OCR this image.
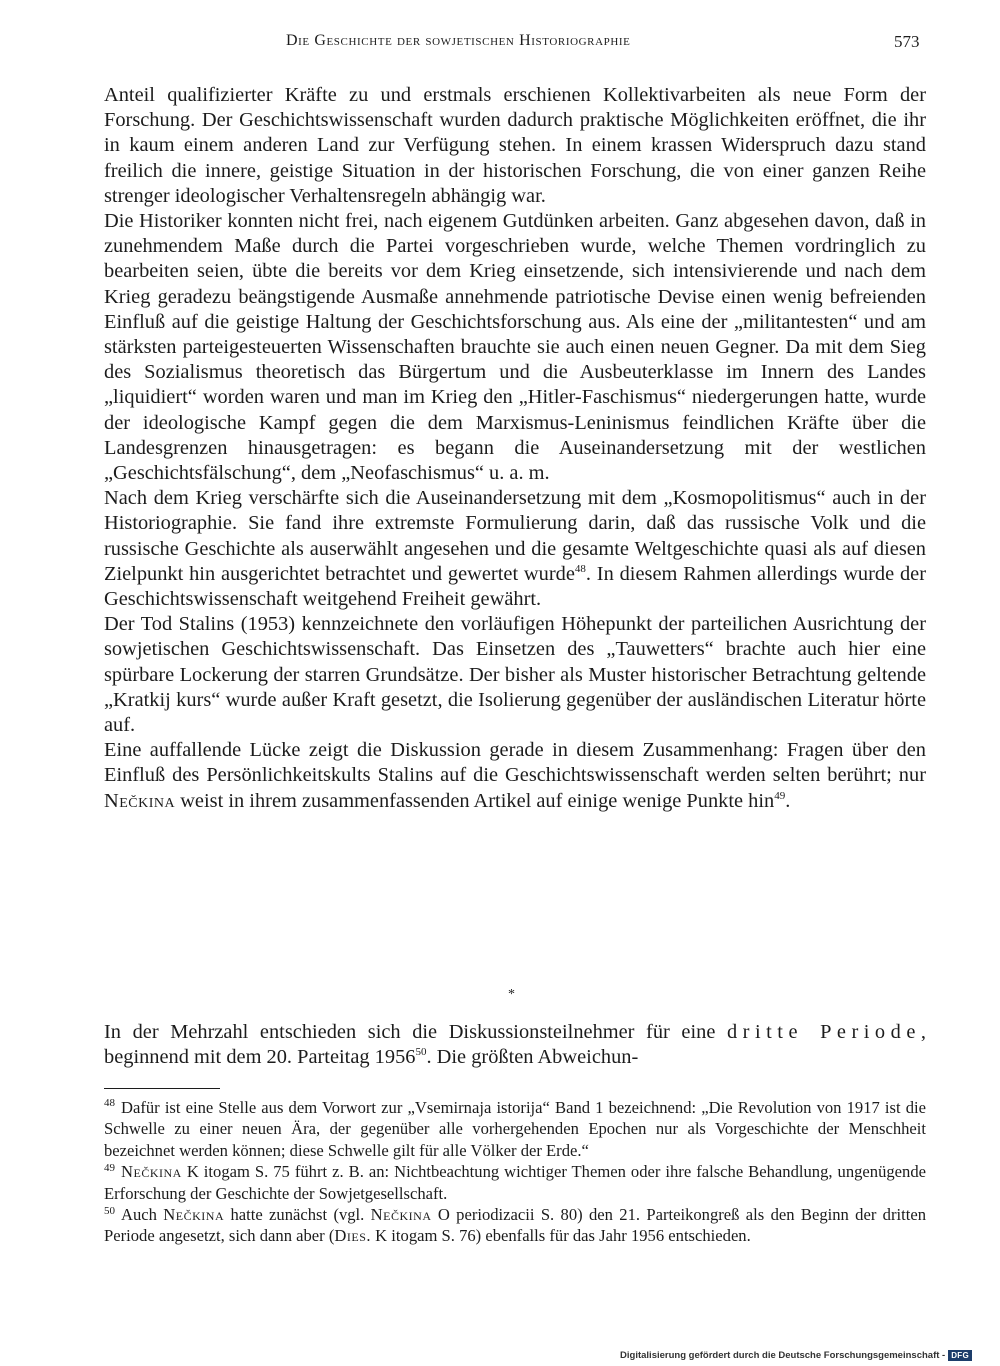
Die Geschichte der sowjetischen Historiographie	573

Anteil qualifizierter Kräfte zu und erstmals erschienen Kollektivarbeiten als neue Form der Forschung. Der Geschichtswissenschaft wurden dadurch praktische Möglichkeiten eröffnet, die ihr in kaum einem anderen Land zur Verfügung stehen. In einem krassen Widerspruch dazu stand freilich die innere, geistige Situation in der historischen Forschung, die von einer ganzen Reihe strenger ideologischer Verhaltensregeln abhängig war.

Die Historiker konnten nicht frei, nach eigenem Gutdünken arbeiten. Ganz abgesehen davon, daß in zunehmendem Maße durch die Partei vorgeschrieben wurde, welche Themen vordringlich zu bearbeiten seien, übte die bereits vor dem Krieg einsetzende, sich intensivierende und nach dem Krieg geradezu beängstigende Ausmaße annehmende patriotische Devise einen wenig befreienden Einfluß auf die geistige Haltung der Geschichtsforschung aus. Als eine der „militantesten“ und am stärksten parteigesteuerten Wissenschaften brauchte sie auch einen neuen Gegner. Da mit dem Sieg des Sozialismus theoretisch das Bürgertum und die Ausbeuterklasse im Innern des Landes „liquidiert“ worden waren und man im Krieg den „Hitler-Faschismus“ niedergerungen hatte, wurde der ideologische Kampf gegen die dem Marxismus-Leninismus feindlichen Kräfte über die Landesgrenzen hinausgetragen: es begann die Auseinandersetzung mit der westlichen „Geschichtsfälschung“, dem „Neofaschismus“ u. a. m.

Nach dem Krieg verschärfte sich die Auseinandersetzung mit dem „Kosmopolitismus“ auch in der Historiographie. Sie fand ihre extremste Formulierung darin, daß das russische Volk und die russische Geschichte als auserwählt angesehen und die gesamte Weltgeschichte quasi als auf diesen Zielpunkt hin ausgerichtet betrachtet und gewertet wurde$^{48}$. In diesem Rahmen allerdings wurde der Geschichtswissenschaft weitgehend Freiheit gewährt.

Der Tod Stalins (1953) kennzeichnete den vorläufigen Höhepunkt der parteilichen Ausrichtung der sowjetischen Geschichtswissenschaft. Das Einsetzen des „Tauwetters“ brachte auch hier eine spürbare Lockerung der starren Grundsätze. Der bisher als Muster historischer Betrachtung geltende „Kratkij kurs“ wurde außer Kraft gesetzt, die Isolierung gegenüber der ausländischen Literatur hörte auf.

Eine auffallende Lücke zeigt die Diskussion gerade in diesem Zusammenhang: Fragen über den Einfluß des Persönlichkeitskults Stalins auf die Geschichtswissenschaft werden selten berührt; nur Nečkina weist in ihrem zusammenfassenden Artikel auf einige wenige Punkte hin$^{49}$.

*

In der Mehrzahl entschieden sich die Diskussionsteilnehmer für eine dritte Periode, beginnend mit dem 20. Parteitag 1956$^{50}$. Die größten Abweichun-

$^{48}$ Dafür ist eine Stelle aus dem Vorwort zur „Vsemirnaja istorija“ Band 1 bezeichnend: „Die Revolution von 1917 ist die Schwelle zu einer neuen Ära, der gegenüber alle vorhergehenden Epochen nur als Vorgeschichte der Menschheit bezeichnet werden können; diese Schwelle gilt für alle Völker der Erde.“

$^{49}$ Nečkina K itogam S. 75 führt z. B. an: Nichtbeachtung wichtiger Themen oder ihre falsche Behandlung, ungenügende Erforschung der Geschichte der Sowjetgesellschaft.

$^{50}$ Auch Nečkina hatte zunächst (vgl. Nečkina O periodizacii S. 80) den 21. Parteikongreß als den Beginn der dritten Periode angesetzt, sich dann aber (Dies. K itogam S. 76) ebenfalls für das Jahr 1956 entschieden.

Digitalisierung gefördert durch die Deutsche Forschungsgemeinschaft - DFG
